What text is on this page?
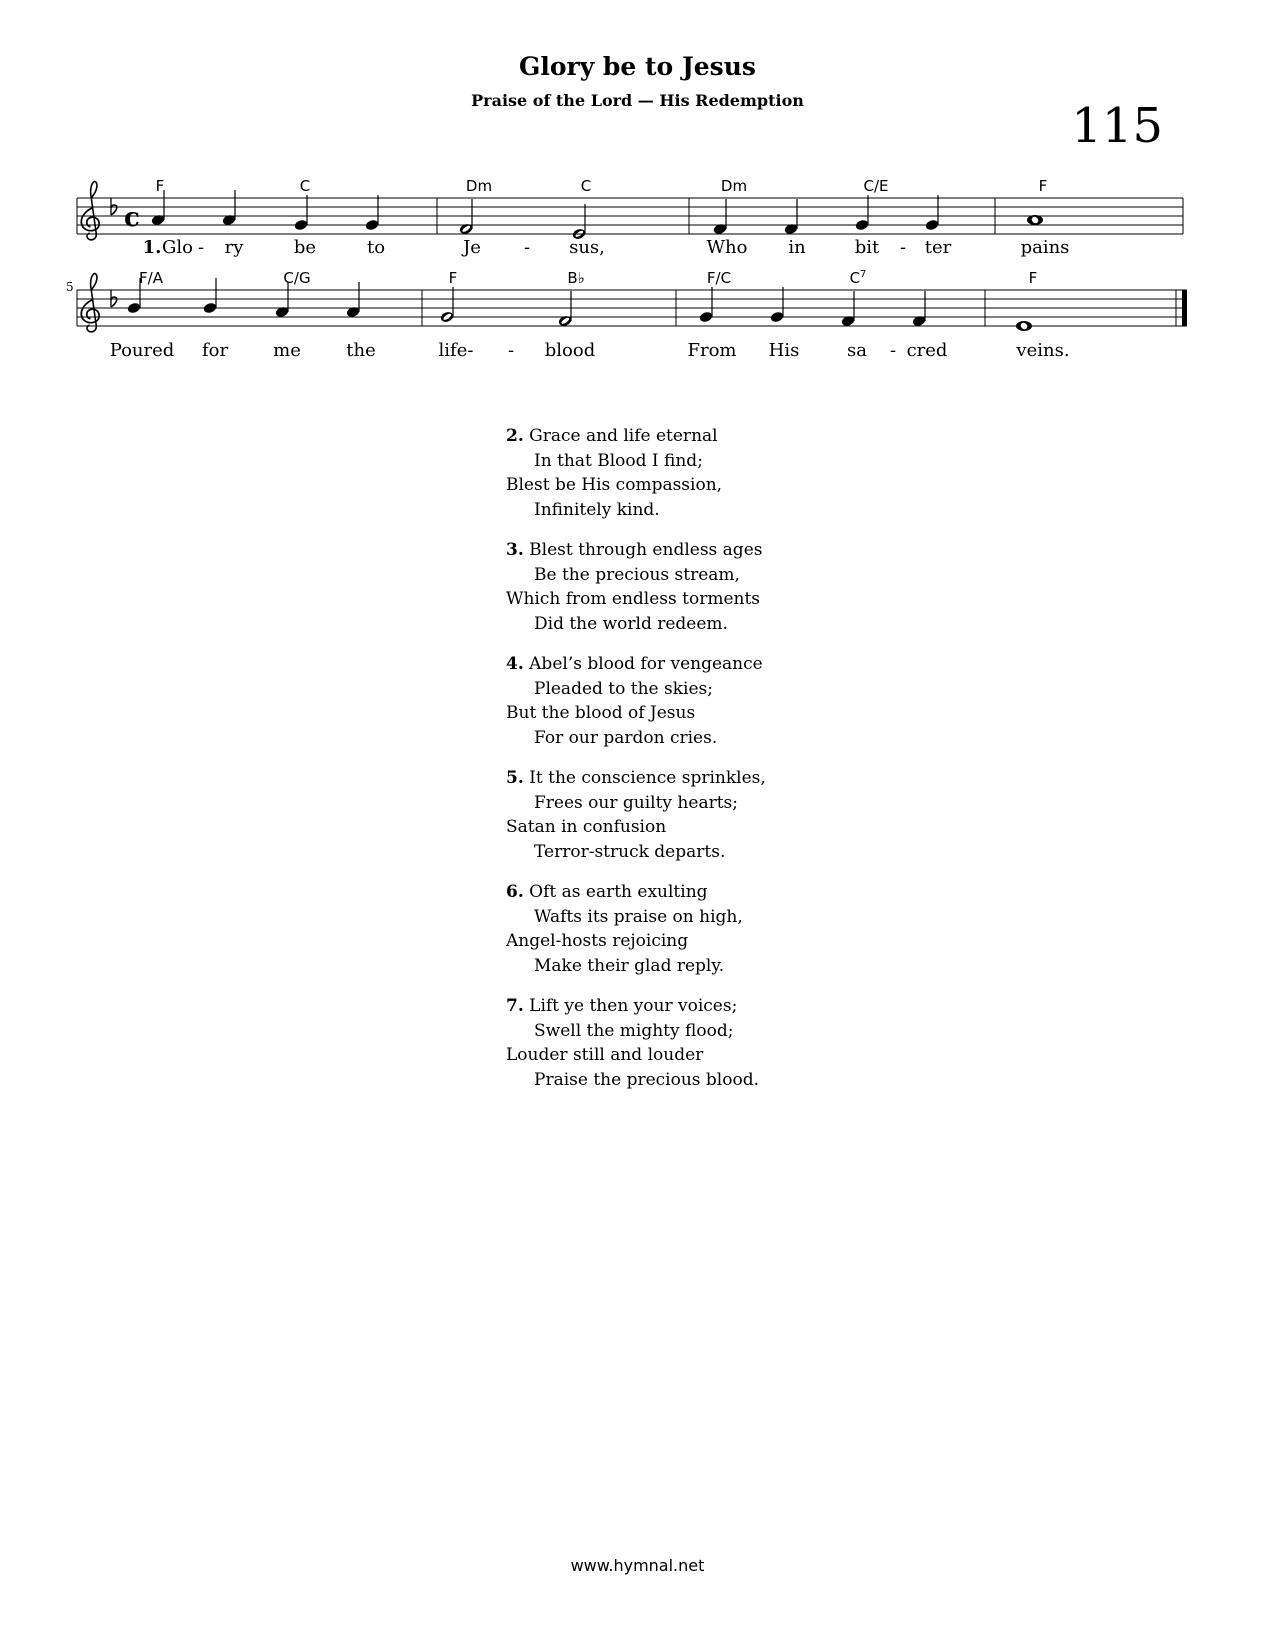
Glory be to Jesus
Praise of the Lord — His Redemption	115
F	C	Dm	C	Dm	C/E	F
1. Glo - ry	be	to	Je - sus,	Who in	bit - ter	pains
5	F/A	C/G	F	B♭	F/C	$C^7$	F
Poured for	me	the	life- - blood	From His	sa - cred	veins.
c
2. Grace and life eternal
In that Blood I find;
Blest be His compassion,
Infinitely kind.
3. Blest through endless ages
Be the precious stream,
Which from endless torments
Did the world redeem.
4. Abel’s blood for vengeance
Pleaded to the skies;
But the blood of Jesus
For our pardon cries.
5. It the conscience sprinkles,
Frees our guilty hearts;
Satan in confusion
Terror-struck departs.
6. Oft as earth exulting
Wafts its praise on high,
Angel-hosts rejoicing
Make their glad reply.
7. Lift ye then your voices;
Swell the mighty flood;
Louder still and louder
Praise the precious blood.
www.hymnal.net
